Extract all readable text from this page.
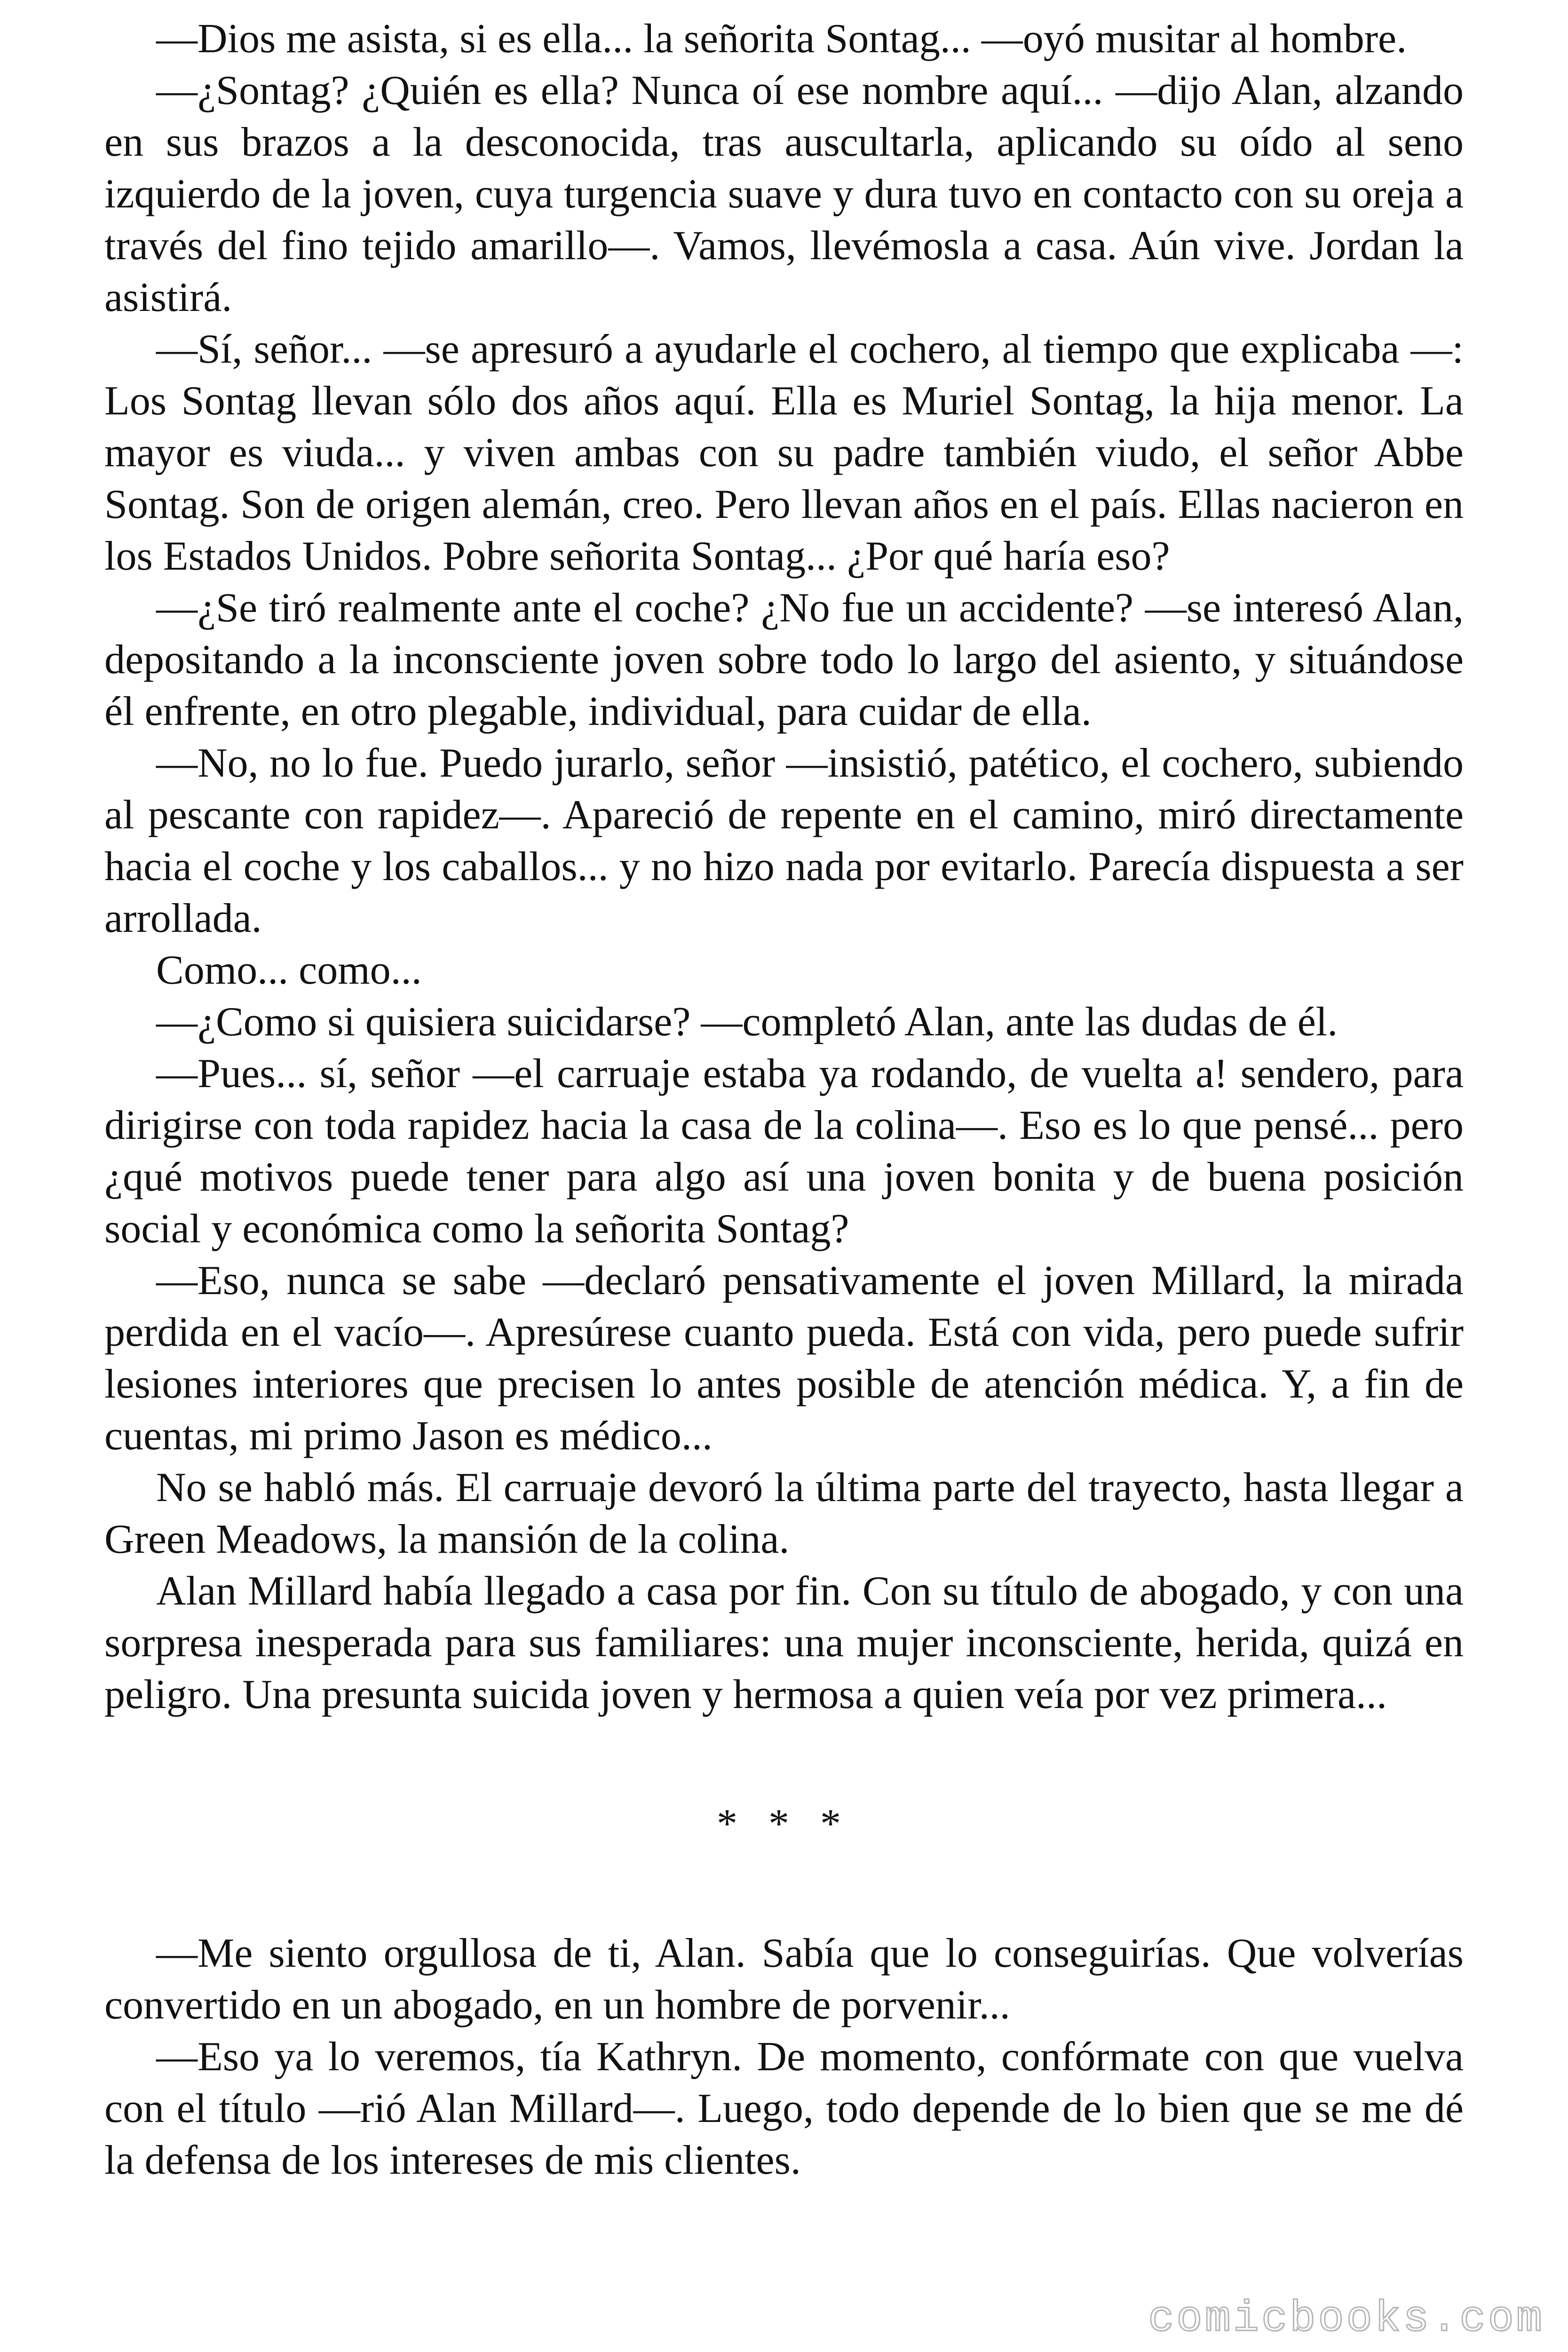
—Dios me asista, si es ella... la señorita Sontag... —oyó musitar al hombre.

—¿Sontag? ¿Quién es ella? Nunca oí ese nombre aquí... —dijo Alan, alzando en sus brazos a la desconocida, tras auscultarla, aplicando su oído al seno izquierdo de la joven, cuya turgencia suave y dura tuvo en contacto con su oreja a través del fino tejido amarillo—. Vamos, llevémosla a casa. Aún vive. Jordan la asistirá.

—Sí, señor... —se apresuró a ayudarle el cochero, al tiempo que explicaba —: Los Sontag llevan sólo dos años aquí. Ella es Muriel Sontag, la hija menor. La mayor es viuda... y viven ambas con su padre también viudo, el señor Abbe Sontag. Son de origen alemán, creo. Pero llevan años en el país. Ellas nacieron en los Estados Unidos. Pobre señorita Sontag... ¿Por qué haría eso?

—¿Se tiró realmente ante el coche? ¿No fue un accidente? —se interesó Alan, depositando a la inconsciente joven sobre todo lo largo del asiento, y situándose él enfrente, en otro plegable, individual, para cuidar de ella.

—No, no lo fue. Puedo jurarlo, señor —insistió, patético, el cochero, subiendo al pescante con rapidez—. Apareció de repente en el camino, miró directamente hacia el coche y los caballos... y no hizo nada por evitarlo. Parecía dispuesta a ser arrollada.

Como... como...

—¿Como si quisiera suicidarse? —completó Alan, ante las dudas de él.

—Pues... sí, señor —el carruaje estaba ya rodando, de vuelta a! sendero, para dirigirse con toda rapidez hacia la casa de la colina—. Eso es lo que pensé... pero ¿qué motivos puede tener para algo así una joven bonita y de buena posición social y económica como la señorita Sontag?

—Eso, nunca se sabe —declaró pensativamente el joven Millard, la mirada perdida en el vacío—. Apresúrese cuanto pueda. Está con vida, pero puede sufrir lesiones interiores que precisen lo antes posible de atención médica. Y, a fin de cuentas, mi primo Jason es médico...

No se habló más. El carruaje devoró la última parte del trayecto, hasta llegar a Green Meadows, la mansión de la colina.

Alan Millard había llegado a casa por fin. Con su título de abogado, y con una sorpresa inesperada para sus familiares: una mujer inconsciente, herida, quizá en peligro. Una presunta suicida joven y hermosa a quien veía por vez primera...

* * *

—Me siento orgullosa de ti, Alan. Sabía que lo conseguirías. Que volverías convertido en un abogado, en un hombre de porvenir...

—Eso ya lo veremos, tía Kathryn. De momento, confórmate con que vuelva con el título —rió Alan Millard—. Luego, todo depende de lo bien que se me dé la defensa de los intereses de mis clientes.

comicbooks.com
